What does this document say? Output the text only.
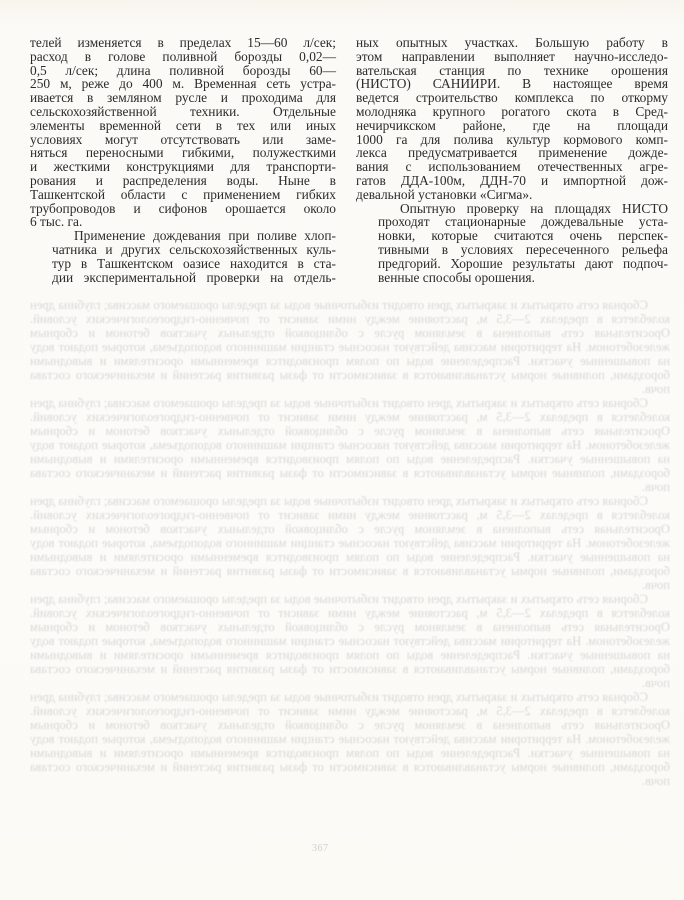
Сборная сеть открытых и закрытых дрен отводит избыточные воды за пределы орошаемого массива; глубина дрен колеблется в пределах 2—3,5 м, расстояние между ними зависит от почвенно-гидрогеологических условий. Оросительная сеть выполнена в земляном русле с облицовкой отдельных участков бетоном и сборным железобетоном. На территории массива действуют насосные станции машинного водоподъема, которые подают воду на повышенные участки. Распределение воды по полям производится временными оросителями и выводными бороздами, поливные нормы устанавливаются в зависимости от фазы развития растений и механического состава почв.

Сборная сеть открытых и закрытых дрен отводит избыточные воды за пределы орошаемого массива; глубина дрен колеблется в пределах 2—3,5 м, расстояние между ними зависит от почвенно-гидрогеологических условий. Оросительная сеть выполнена в земляном русле с облицовкой отдельных участков бетоном и сборным железобетоном. На территории массива действуют насосные станции машинного водоподъема, которые подают воду на повышенные участки. Распределение воды по полям производится временными оросителями и выводными бороздами, поливные нормы устанавливаются в зависимости от фазы развития растений и механического состава почв.

Сборная сеть открытых и закрытых дрен отводит избыточные воды за пределы орошаемого массива; глубина дрен колеблется в пределах 2—3,5 м, расстояние между ними зависит от почвенно-гидрогеологических условий. Оросительная сеть выполнена в земляном русле с облицовкой отдельных участков бетоном и сборным железобетоном. На территории массива действуют насосные станции машинного водоподъема, которые подают воду на повышенные участки. Распределение воды по полям производится временными оросителями и выводными бороздами, поливные нормы устанавливаются в зависимости от фазы развития растений и механического состава почв.

Сборная сеть открытых и закрытых дрен отводит избыточные воды за пределы орошаемого массива; глубина дрен колеблется в пределах 2—3,5 м, расстояние между ними зависит от почвенно-гидрогеологических условий. Оросительная сеть выполнена в земляном русле с облицовкой отдельных участков бетоном и сборным железобетоном. На территории массива действуют насосные станции машинного водоподъема, которые подают воду на повышенные участки. Распределение воды по полям производится временными оросителями и выводными бороздами, поливные нормы устанавливаются в зависимости от фазы развития растений и механического состава почв.

Сборная сеть открытых и закрытых дрен отводит избыточные воды за пределы орошаемого массива; глубина дрен колеблется в пределах 2—3,5 м, расстояние между ними зависит от почвенно-гидрогеологических условий. Оросительная сеть выполнена в земляном русле с облицовкой отдельных участков бетоном и сборным железобетоном. На территории массива действуют насосные станции машинного водоподъема, которые подают воду на повышенные участки. Распределение воды по полям производится временными оросителями и выводными бороздами, поливные нормы устанавливаются в зависимости от фазы развития растений и механического состава почв.

телей изменяется в пределах 15—60 л/сек;
расход в голове поливной борозды 0,02—
0,5 л/сек; длина поливной борозды 60—
250 м, реже до 400 м. Временная сеть устра-
ивается в земляном русле и проходима для
сельскохозяйственной техники. Отдельные
элементы временной сети в тех или иных
условиях могут отсутствовать или заме-
няться переносными гибкими, полужесткими
и жесткими конструкциями для транспорти-
рования и распределения воды. Ныне в
Ташкентской области с применением гибких
трубопроводов и сифонов орошается около
6 тыс. га.

Применение дождевания при поливе хлоп-
чатника и других сельскохозяйственных куль-
тур в Ташкентском оазисе находится в ста-
дии экспериментальной проверки на отдель-

ных опытных участках. Большую работу в
этом направлении выполняет научно-исследо-
вательская станция по технике орошения
(НИСТО) САНИИРИ. В настоящее время
ведется строительство комплекса по откорму
молодняка крупного рогатого скота в Сред-
нечирчикском районе, где на площади
1000 га для полива культур кормового комп-
лекса предусматривается применение дожде-
вания с использованием отечественных агре-
гатов ДДА-100м, ДДН-70 и импортной дож-
девальной установки «Сигма».

Опытную проверку на площадях НИСТО
проходят стационарные дождевальные уста-
новки, которые считаются очень перспек-
тивными в условиях пересеченного рельефа
предгорий. Хорошие результаты дают подпоч-
венные способы орошения.

367
